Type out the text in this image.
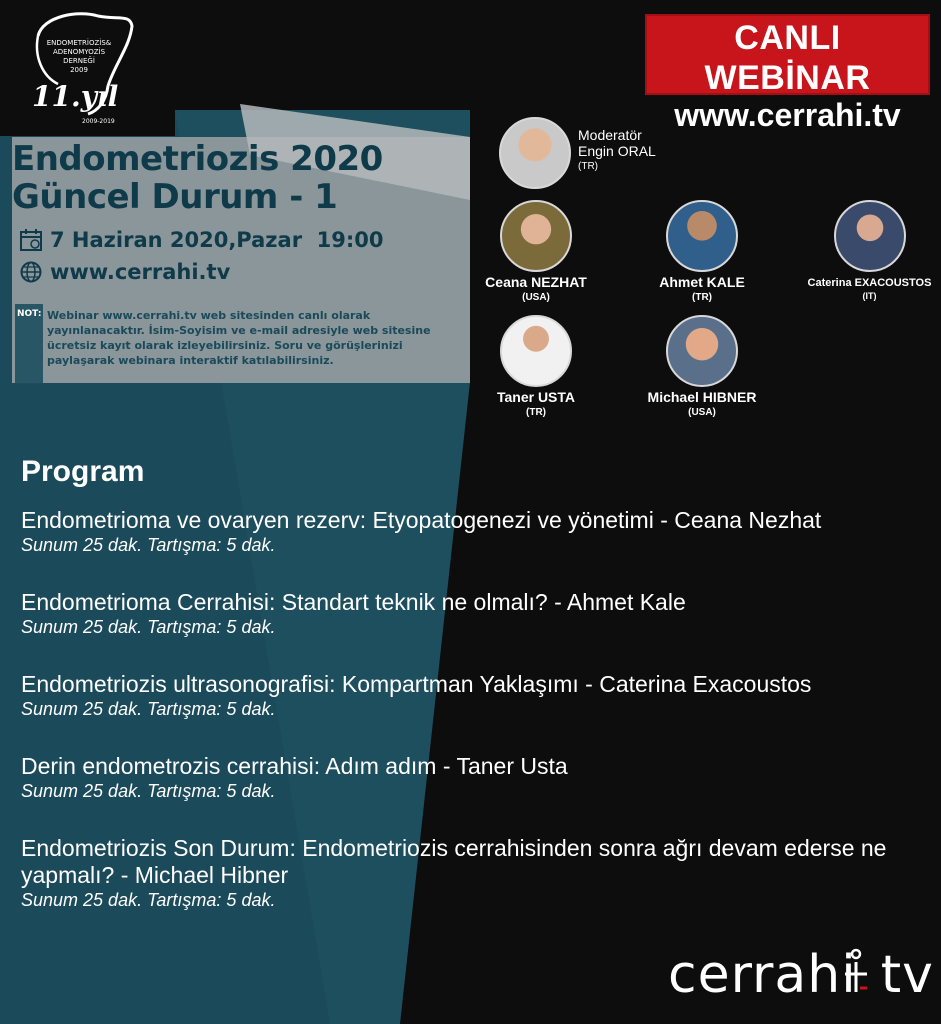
ENDOMETRİOZİS&
ADENOMYOZİS
DERNEĞİ
2009
11.yıl
2009-2019
CANLI WEBİNAR
www.cerrahi.tv
Endometriozis 2020
Güncel Durum - 1
7 Haziran 2020,Pazar  19:00
www.cerrahi.tv
NOT: Webinar www.cerrahi.tv web sitesinden canlı olarak yayınlanacaktır. İsim-Soyisim ve e-mail adresiyle web sitesine ücretsiz kayıt olarak izleyebilirsiniz. Soru ve görüşlerinizi paylaşarak webinara interaktif katılabilirsiniz.
Moderatör
Engin ORAL
(TR)
Ceana NEZHAT
(USA)
Ahmet KALE
(TR)
Caterina EXACOUSTOS
(IT)
Taner USTA
(TR)
Michael HIBNER
(USA)
Program
Endometrioma ve ovaryen rezerv: Etyopatogenezi ve yönetimi - Ceana Nezhat
Sunum 25 dak. Tartışma: 5 dak.
Endometrioma Cerrahisi: Standart teknik ne olmalı? - Ahmet Kale
Sunum 25 dak. Tartışma: 5 dak.
Endometriozis ultrasonografisi: Kompartman Yaklaşımı - Caterina Exacoustos
Sunum 25 dak. Tartışma: 5 dak.
Derin endometrozis cerrahisi: Adım adım - Taner Usta
Sunum 25 dak. Tartışma: 5 dak.
Endometriozis Son Durum: Endometriozis cerrahisinden sonra ağrı devam ederse ne yapmalı? - Michael Hibner
Sunum 25 dak. Tartışma: 5 dak.
cerrahi tv
